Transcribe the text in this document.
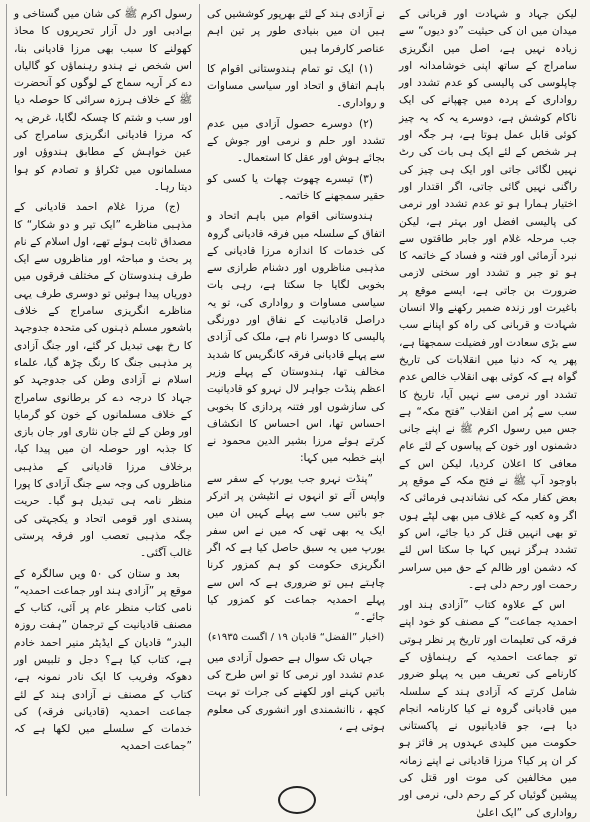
رسول اکرم ﷺ کی شان میں گستاخی و بےادبی اور دل آزار تحریروں کا محاذ کھولنے کا سبب بھی مرزا قادیانی بنا، اس شخص نے ہندو رہنماؤں کو گالیاں دے کر آریہ سماج کے لوگوں کو آنحضرت ﷺ کے خلاف ہرزہ سرائی کا حوصلہ دیا اور سب و شتم کا چسکہ لگایا، غرض یہ کہ مرزا قادیانی انگریزی سامراج کی عین خواہش کے مطابق ہندوؤں اور مسلمانوں میں ٹکراؤ و تصادم کو ہوا دیتا رہا۔

(ج) مرزا غلام احمد قادیانی کے مذہبی مناظرے ”ایک تیر و دو شکار“ کا مصداق ثابت ہوئے تھے، اول اسلام کے نام پر بحث و مباحثہ اور مناظروں سے ایک طرف ہندوستان کے مختلف فرقوں میں دوریاں پیدا ہوئیں تو دوسری طرف یہی مناظرے انگریزی سامراج کے خلاف باشعور مسلم ذہنوں کی متحدہ جدوجہد کا رخ بھی تبدیل کر گئے، اور جنگ آزادی پر مذہبی جنگ کا رنگ چڑھ گیا، علماء اسلام نے آزادی وطن کی جدوجہد کو جہاد کا درجہ دے کر برطانوی سامراج کے خلاف مسلمانوں کے خون کو گرمایا اور وطن کے لئے جان نثاری اور جان بازی کا جذبہ اور حوصلہ ان میں پیدا کیا، برخلاف مرزا قادیانی کے مذہبی مناظروں کی وجہ سے جنگ آزادی کا پورا منظر نامہ ہی تبدیل ہو گیا۔ حریت پسندی اور قومی اتحاد و یکجہتی کی جگہ مذہبی تعصب اور فرقہ پرستی غالب آگئی۔

بعد و ستان کی ۵۰ ویں سالگرہ کے موقع پر ”آزادی ہند اور جماعت احمدیہ“ نامی کتاب منظر عام پر آئی، کتاب کے مصنف قادیانیت کے ترجمان ”ہفت روزہ البدر“ قادیان کے ایڈیٹر منیر احمد خادم ہے، کتاب کیا ہے؟ دجل و تلبیس اور دھوکہ وفریب کا ایک نادر نمونہ ہے، کتاب کے مصنف نے آزادی ہند کے لئے جماعت احمدیہ (قادیانی فرقہ) کی خدمات کے سلسلے میں لکھا ہے کہ ”جماعت احمدیہ

نے آزادی ہند کے لئے بھرپور کوششیں کی ہیں ان میں بنیادی طور پر تین اہم عناصر کارفرما ہیں

(۱) ایک تو تمام ہندوستانی اقوام کا باہم اتفاق و اتحاد اور سیاسی مساوات و رواداری۔

(۲) دوسرے حصول آزادی میں عدم تشدد اور حلم و نرمی اور جوش کے بجائے ہوش اور عقل کا استعمال۔

(۳) تیسرے چھوت چھات یا کسی کو حقیر سمجھنے کا خاتمہ۔

ہندوستانی اقوام میں باہم اتحاد و اتفاق کے سلسلہ میں فرقہ قادیانی گروہ کی خدمات کا اندازہ مرزا قادیانی کے مذہبی مناظروں اور دشنام طرازی سے بخوبی لگایا جا سکتا ہے، رہی بات سیاسی مساوات و رواداری کی، تو یہ دراصل قادیانیت کے نفاق اور دورنگی پالیسی کا دوسرا نام ہے، ملک کی آزادی سے پہلے قادیانی فرقہ کانگریس کا شدید مخالف تھا، ہندوستان کے پہلے وزیر اعظم پنڈت جواہر لال نہرو کو قادیانیت کی سازشوں اور فتنہ پردازی کا بخوبی احساس تھا، اس احساس کا انکشاف کرتے ہوئے مرزا بشیر الدین محمود نے اپنے خطبہ میں کہا:

”پنڈت نہرو جب یورپ کے سفر سے واپس آئے تو انہوں نے انٹیشن پر اترکر جو باتیں سب سے پہلے کہیں ان میں ایک یہ بھی تھی کہ میں نے اس سفر یورپ میں یہ سبق حاصل کیا ہے کہ اگر انگریزی حکومت کو ہم کمزور کرنا چاہتے ہیں تو ضروری ہے کہ اس سے پہلے احمدیہ جماعت کو کمزور کیا جائے۔“

(اخبار ”الفضل“ قادیان ۱۹ / اگست ۱۹۳۵ء)

جہاں تک سوال ہے حصول آزادی میں عدم تشدد اور نرمی کا تو اس طرح کی باتیں کہنے اور لکھنے کی جرات تو بہت کچھ ، ناانشمندی اور انشوری کی معلوم ہوتی ہے ،

لیکن جہاد و شہادت اور قربانی کے میدان میں ان کی حیثیت ”دو دیوں“ سے زیادہ نہیں ہے، اصل میں انگریزی سامراج کے ساتھ اپنی خوشامدانہ اور چاپلوسی کی پالیسی کو عدم تشدد اور رواداری کے پردہ میں چھپانے کی ایک ناکام کوشش ہے، دوسرے یہ کہ یہ چیز کوئی قابل عمل ہوتا ہے، ہر جگہ اور ہر شخص کے لئے ایک ہی بات کی رٹ نہیں لگائی جاتی اور ایک ہی چیز کی راگنی نہیں گائی جاتی، اگر اقتدار اور اختیار ہمارا ہو تو عدم تشدد اور نرمی کی پالیسی افضل اور بہتر ہے، لیکن جب مرحلہ غلام اور جابر طاقتوں سے نبرد آزمائی اور فتنہ و فساد کے خاتمہ کا ہو تو جبر و تشدد اور سختی لازمی ضرورت بن جاتی ہے، ایسے موقع پر باغیرت اور زندہ ضمیر رکھنے والا انسان شہادت و قربانی کی راہ کو اپنانے سب سے بڑی سعادت اور فضیلت سمجھتا ہے، پھر یہ کہ دنیا میں انقلابات کی تاریخ گواہ ہے کہ کوئی بھی انقلاب خالص عدم تشدد اور نرمی سے نہیں آیا، تاریخ کا سب سے پُر امن انقلاب ”فتح مکہ“ ہے جس میں رسول اکرم ﷺ نے اپنے جانی دشمنوں اور خون کے پیاسوں کے لئے عام معافی کا اعلان کردیا، لیکن اس کے باوجود آپ ﷺ نے فتح مکہ کے موقع پر بعض کفار مکہ کی نشاندہی فرمائی کہ اگر وہ کعبہ کے غلاف میں بھی لپٹے ہوں تو بھی انہیں قتل کر دیا جائے، اس کو تشدد ہرگز نہیں کہا جا سکتا اس لئے کہ دشمن اور ظالم کے حق میں سراسر رحمت اور رحم دلی ہے۔

اس کے علاوہ کتاب ”آزادی ہند اور احمدیہ جماعت“ کے مصنف کو خود اپنے فرقہ کی تعلیمات اور تاریخ پر نظر ہوتی تو جماعت احمدیہ کے رہنماؤں کے کارنامے کی تعریف میں یہ پہلو ضرور شامل کرتے کہ آزادی ہند کے سلسلہ میں قادیانی گروہ نے کیا کارنامہ انجام دیا ہے، جو قادیانیوں نے پاکستانی حکومت میں کلیدی عہدوں پر فائز ہو کر ان پر کیا؟ مرزا قادیانی نے اپنے زمانہ میں مخالفین کی موت اور قتل کی پیشین گوئیاں کر کے رحم دلی، نرمی اور رواداری کی ”ایک اعلیٰ
